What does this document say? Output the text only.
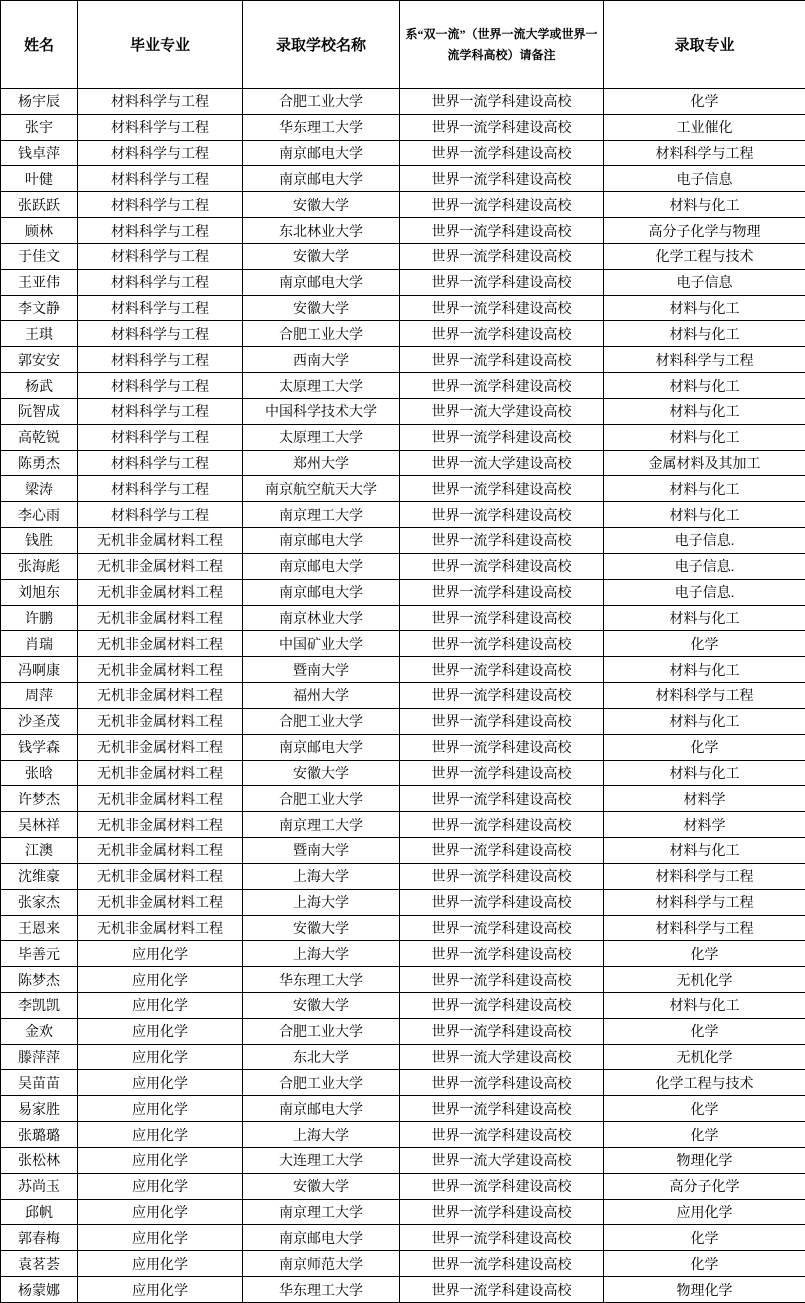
姓名	毕业专业	录取学校名称	系“双一流”（世界一流大学或世界一流学科高校）请备注	录取专业
杨宇辰	材料科学与工程	合肥工业大学	世界一流学科建设高校	化学
张宇	材料科学与工程	华东理工大学	世界一流学科建设高校	工业催化
钱卓萍	材料科学与工程	南京邮电大学	世界一流学科建设高校	材料科学与工程
叶健	材料科学与工程	南京邮电大学	世界一流学科建设高校	电子信息
张跃跃	材料科学与工程	安徽大学	世界一流学科建设高校	材料与化工
顾林	材料科学与工程	东北林业大学	世界一流学科建设高校	高分子化学与物理
于佳文	材料科学与工程	安徽大学	世界一流学科建设高校	化学工程与技术
王亚伟	材料科学与工程	南京邮电大学	世界一流学科建设高校	电子信息
李文静	材料科学与工程	安徽大学	世界一流学科建设高校	材料与化工
王琪	材料科学与工程	合肥工业大学	世界一流学科建设高校	材料与化工
郭安安	材料科学与工程	西南大学	世界一流学科建设高校	材料科学与工程
杨武	材料科学与工程	太原理工大学	世界一流学科建设高校	材料与化工
阮智成	材料科学与工程	中国科学技术大学	世界一流大学建设高校	材料与化工
高乾锐	材料科学与工程	太原理工大学	世界一流学科建设高校	材料与化工
陈勇杰	材料科学与工程	郑州大学	世界一流大学建设高校	金属材料及其加工
梁涛	材料科学与工程	南京航空航天大学	世界一流学科建设高校	材料与化工
李心雨	材料科学与工程	南京理工大学	世界一流学科建设高校	材料与化工
钱胜	无机非金属材料工程	南京邮电大学	世界一流学科建设高校	电子信息.
张海彪	无机非金属材料工程	南京邮电大学	世界一流学科建设高校	电子信息.
刘旭东	无机非金属材料工程	南京邮电大学	世界一流学科建设高校	电子信息.
许鹏	无机非金属材料工程	南京林业大学	世界一流学科建设高校	材料与化工
肖瑞	无机非金属材料工程	中国矿业大学	世界一流学科建设高校	化学
冯啊康	无机非金属材料工程	暨南大学	世界一流学科建设高校	材料与化工
周萍	无机非金属材料工程	福州大学	世界一流学科建设高校	材料科学与工程
沙圣茂	无机非金属材料工程	合肥工业大学	世界一流学科建设高校	材料与化工
钱学森	无机非金属材料工程	南京邮电大学	世界一流学科建设高校	化学
张晗	无机非金属材料工程	安徽大学	世界一流学科建设高校	材料与化工
许梦杰	无机非金属材料工程	合肥工业大学	世界一流学科建设高校	材料学
吴林祥	无机非金属材料工程	南京理工大学	世界一流学科建设高校	材料学
江澳	无机非金属材料工程	暨南大学	世界一流学科建设高校	材料与化工
沈维豪	无机非金属材料工程	上海大学	世界一流学科建设高校	材料科学与工程
张家杰	无机非金属材料工程	上海大学	世界一流学科建设高校	材料科学与工程
王恩来	无机非金属材料工程	安徽大学	世界一流学科建设高校	材料科学与工程
毕善元	应用化学	上海大学	世界一流学科建设高校	化学
陈梦杰	应用化学	华东理工大学	世界一流学科建设高校	无机化学
李凯凯	应用化学	安徽大学	世界一流学科建设高校	材料与化工
金欢	应用化学	合肥工业大学	世界一流学科建设高校	化学
滕萍萍	应用化学	东北大学	世界一流大学建设高校	无机化学
吴苗苗	应用化学	合肥工业大学	世界一流学科建设高校	化学工程与技术
易家胜	应用化学	南京邮电大学	世界一流学科建设高校	化学
张璐璐	应用化学	上海大学	世界一流学科建设高校	化学
张松林	应用化学	大连理工大学	世界一流大学建设高校	物理化学
苏尚玉	应用化学	安徽大学	世界一流学科建设高校	高分子化学
邱帆	应用化学	南京理工大学	世界一流学科建设高校	应用化学
郭春梅	应用化学	南京邮电大学	世界一流学科建设高校	化学
袁茗荟	应用化学	南京师范大学	世界一流学科建设高校	化学
杨蒙娜	应用化学	华东理工大学	世界一流学科建设高校	物理化学
